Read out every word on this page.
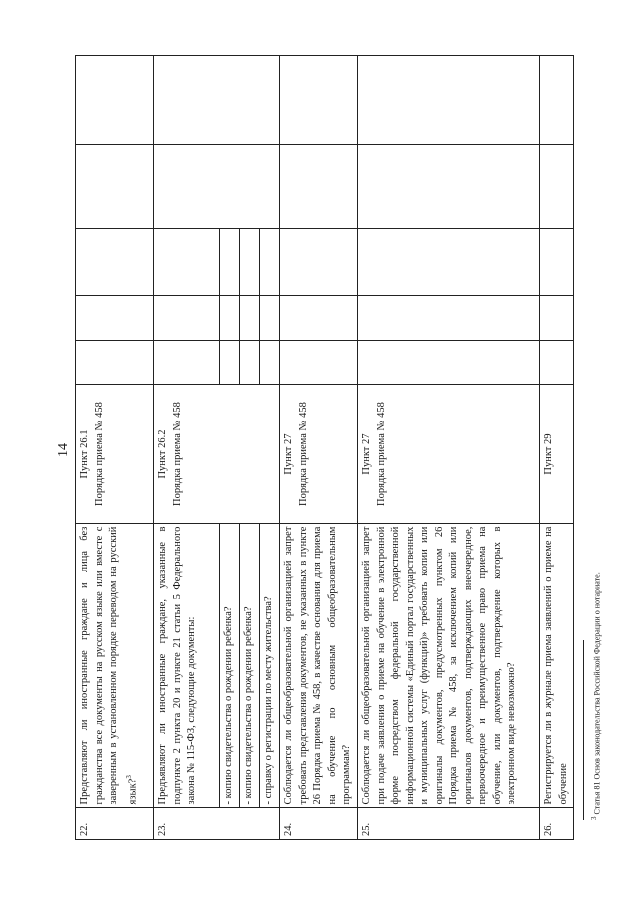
14
22.	Представляют ли иностранные граждане и лица без гражданства все документы на русском языке или вместе с заверенным в установленном порядке переводом на русский язык?$^3$	Пункт 26.1 Порядка приема № 458					

23.	Предъявляют ли иностранные граждане, указанные в подпункте 2 пункта 20 и пункте 21 статьи 5 Федерального закона № 115-ФЗ, следующие документы:	Пункт 26.2 Порядка приема № 458					

	- копию свидетельства о рождении ребенка?						
	- копию свидетельства о рождении ребенка?						
	- справку о регистрации по месту жительства?						
24.	Соблюдается ли общеобразовательной организацией запрет требовать представления документов, не указанных в пункте 26 Порядка приема № 458, в качестве основания для приема на обучение по основным общеобразовательным программам?	Пункт 27 Порядка приема № 458					

25.	Соблюдается ли общеобразовательной организацией запрет при подаче заявления о приеме на обучение в электронной форме посредством федеральной государственной информационной системы «Единый портал государственных и муниципальных услуг (функций)» требовать копии или оригиналы документов, предусмотренных пунктом 26 Порядка приема № 458, за исключением копий или оригиналов документов, подтверждающих внеочередное, первоочередное и преимущественное право приема на обучение, или документов, подтверждение которых в электронном виде невозможно?	Пункт 27 Порядка приема № 458					

26.	Регистрируется ли в журнале приема заявлений о приеме на обучение	Пункт 29					

$^3$ Статья 81 Основ законодательства Российской Федерации о нотариате.
